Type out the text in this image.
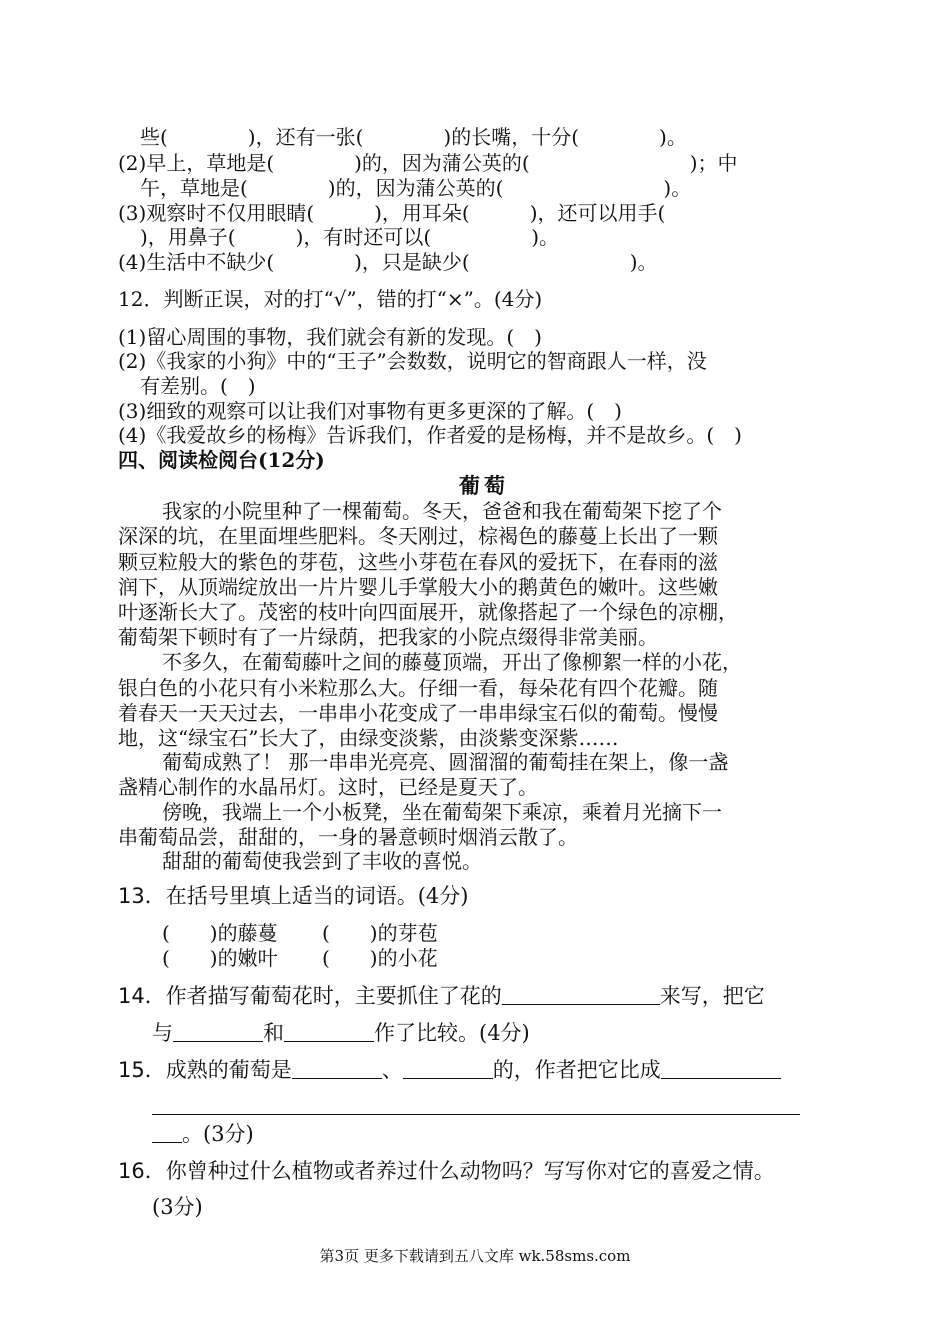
些(　　　　)，还有一张(　　　　)的长嘴，十分(　　　　)。
(2)早上，草地是(　　　　)的，因为蒲公英的(　　　　　　　　)；中
午，草地是(　　　　)的，因为蒲公英的(　　　　　　　　)。
(3)观察时不仅用眼睛(　　　)，用耳朵(　　　)，还可以用手(
)，用鼻子(　　　)，有时还可以(　　　　　)。
(4)生活中不缺少(　　　　)，只是缺少(　　　　　　　　)。
12．判断正误，对的打“√”，错的打“×”。(4分)
(1)留心周围的事物，我们就会有新的发现。(　)
(2)《我家的小狗》中的“王子”会数数，说明它的智商跟人一样，没
有差别。(　)
(3)细致的观察可以让我们对事物有更多更深的了解。(　)
(4)《我爱故乡的杨梅》告诉我们，作者爱的是杨梅，并不是故乡。(　)
四、阅读检阅台(12分)
葡萄
我家的小院里种了一棵葡萄。冬天，爸爸和我在葡萄架下挖了个
深深的坑，在里面埋些肥料。冬天刚过，棕褐色的藤蔓上长出了一颗
颗豆粒般大的紫色的芽苞，这些小芽苞在春风的爱抚下，在春雨的滋
润下，从顶端绽放出一片片婴儿手掌般大小的鹅黄色的嫩叶。这些嫩
叶逐渐长大了。茂密的枝叶向四面展开，就像搭起了一个绿色的凉棚，
葡萄架下顿时有了一片绿荫，把我家的小院点缀得非常美丽。
不多久，在葡萄藤叶之间的藤蔓顶端，开出了像柳絮一样的小花，
银白色的小花只有小米粒那么大。仔细一看，每朵花有四个花瓣。随
着春天一天天过去，一串串小花变成了一串串绿宝石似的葡萄。慢慢
地，这“绿宝石”长大了，由绿变淡紫，由淡紫变深紫……
葡萄成熟了！ 那一串串光亮亮、圆溜溜的葡萄挂在架上，像一盏
盏精心制作的水晶吊灯。这时，已经是夏天了。
傍晚，我端上一个小板凳，坐在葡萄架下乘凉，乘着月光摘下一
串葡萄品尝，甜甜的，一身的暑意顿时烟消云散了。
甜甜的葡萄使我尝到了丰收的喜悦。
13．在括号里填上适当的词语。(4分)
(　　)的藤蔓 (　　)的芽苞
(　　)的嫩叶 (　　)的小花
14．作者描写葡萄花时，主要抓住了花的	来写，把它
与	和	作了比较。(4分)
15．成熟的葡萄是	、	的，作者把它比成
。(3分)
16．你曾种过什么植物或者养过什么动物吗？写写你对它的喜爱之情。
(3分)
第3页 更多下载请到五八文库 wk.58sms.com
